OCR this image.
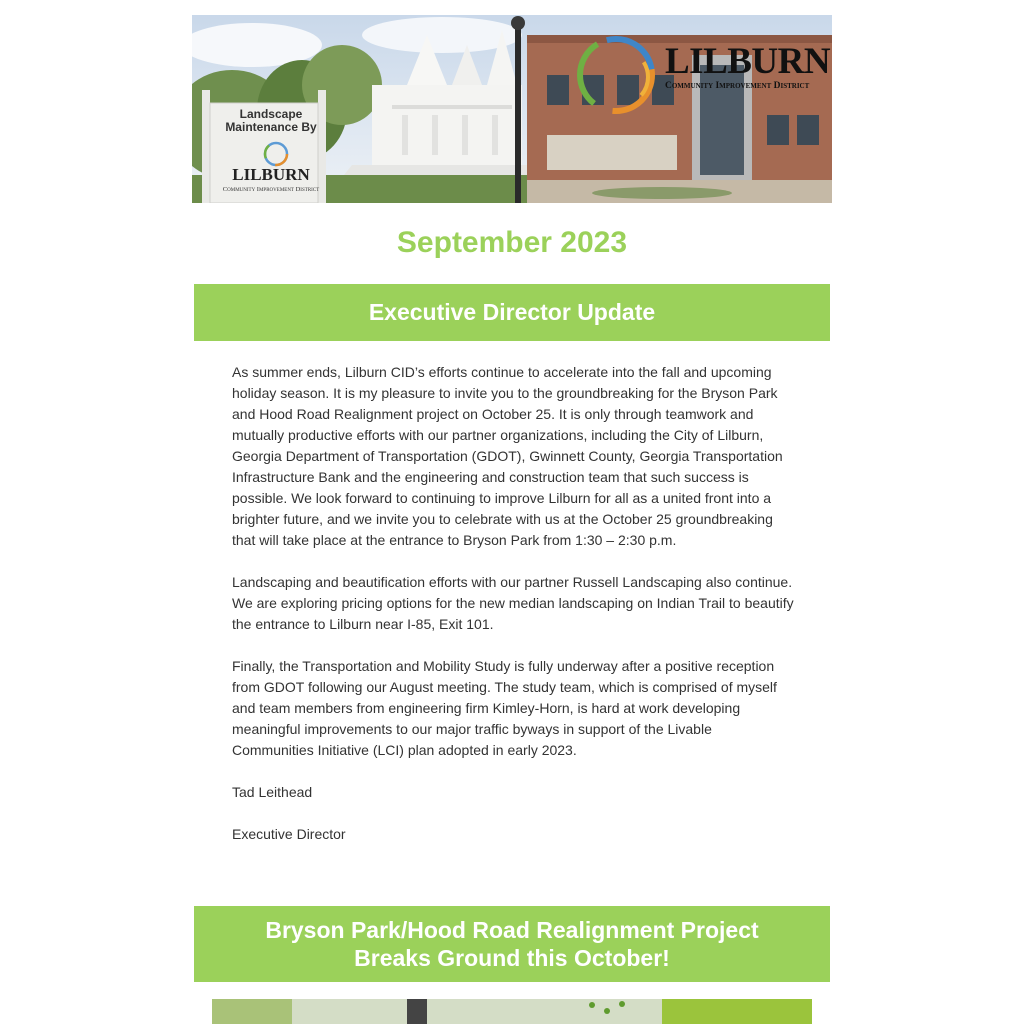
LILBURN
Community Improvement District
Landscape Maintenance By
LILBURN
Community Improvement District
September 2023
Executive Director Update

As summer ends, Lilburn CID’s efforts continue to accelerate into the fall and upcoming holiday season. It is my pleasure to invite you to the groundbreaking for the Bryson Park and Hood Road Realignment project on October 25. It is only through teamwork and mutually productive efforts with our partner organizations, including the City of Lilburn, Georgia Department of Transportation (GDOT), Gwinnett County, Georgia Transportation Infrastructure Bank and the engineering and construction team that such success is possible. We look forward to continuing to improve Lilburn for all as a united front into a brighter future, and we invite you to celebrate with us at the October 25 groundbreaking that will take place at the entrance to Bryson Park from 1:30 – 2:30 p.m.

Landscaping and beautification efforts with our partner Russell Landscaping also continue. We are exploring pricing options for the new median landscaping on Indian Trail to beautify the entrance to Lilburn near I-85, Exit 101.

Finally, the Transportation and Mobility Study is fully underway after a positive reception from GDOT following our August meeting. The study team, which is comprised of myself and team members from engineering firm Kimley-Horn, is hard at work developing meaningful improvements to our major traffic byways in support of the Livable Communities Initiative (LCI) plan adopted in early 2023.

Tad Leithead

Executive Director

Bryson Park/Hood Road Realignment Project
Breaks Ground this October!
